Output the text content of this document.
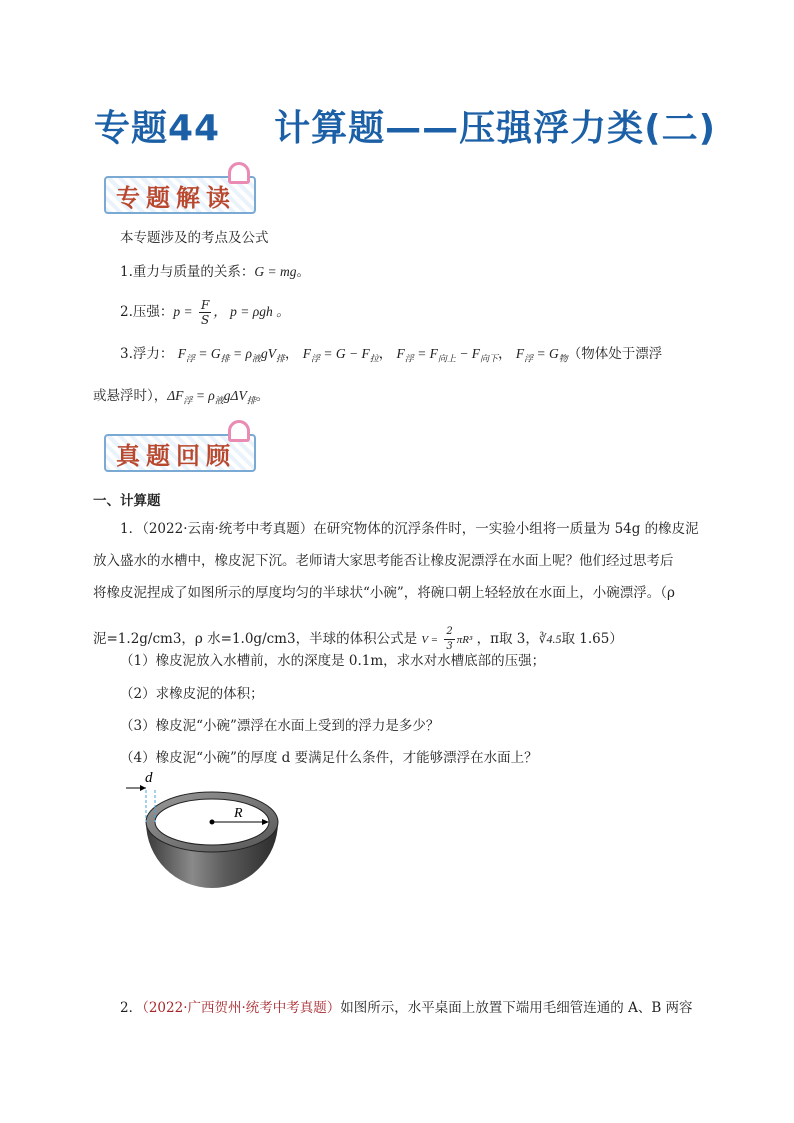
专题44 计算题——压强浮力类(二)
专题解读
本专题涉及的考点及公式
1.重力与质量的关系：G = mg。
2.压强：$p = \frac{F}{S}$ ， p = ρgh 。
3.浮力： $F_浮 = G_排 = \rho_液gV_排$， $F_浮 = G - F_拉$， $F_浮 = F_{向上} - F_{向下}$， $F_浮 = G_物$（物体处于漂浮
或悬浮时），$\Delta F_浮 = \rho_液g\Delta V_排$。
真题回顾
一、计算题
1．（2022·云南·统考中考真题）在研究物体的沉浮条件时，一实验小组将一质量为 54g 的橡皮泥
放入盛水的水槽中，橡皮泥下沉。老师请大家思考能否让橡皮泥漂浮在水面上呢？他们经过思考后
将橡皮泥捏成了如图所示的厚度均匀的半球状“小碗”，将碗口朝上轻轻放在水面上，小碗漂浮。（ρ
泥=1.2g/cm3，ρ 水=1.0g/cm3，半球的体积公式是 $V = \frac{2}{3} \pi R^3$ ，π取 3，∛4.5取 1.65）
（1）橡皮泥放入水槽前，水的深度是 0.1m，求水对水槽底部的压强；
（2）求橡皮泥的体积；
（3）橡皮泥“小碗”漂浮在水面上受到的浮力是多少？
（4）橡皮泥“小碗”的厚度 d 要满足什么条件，才能够漂浮在水面上？
d
R
2．（2022·广西贺州·统考中考真题）如图所示，水平桌面上放置下端用毛细管连通的 A、B 两容
